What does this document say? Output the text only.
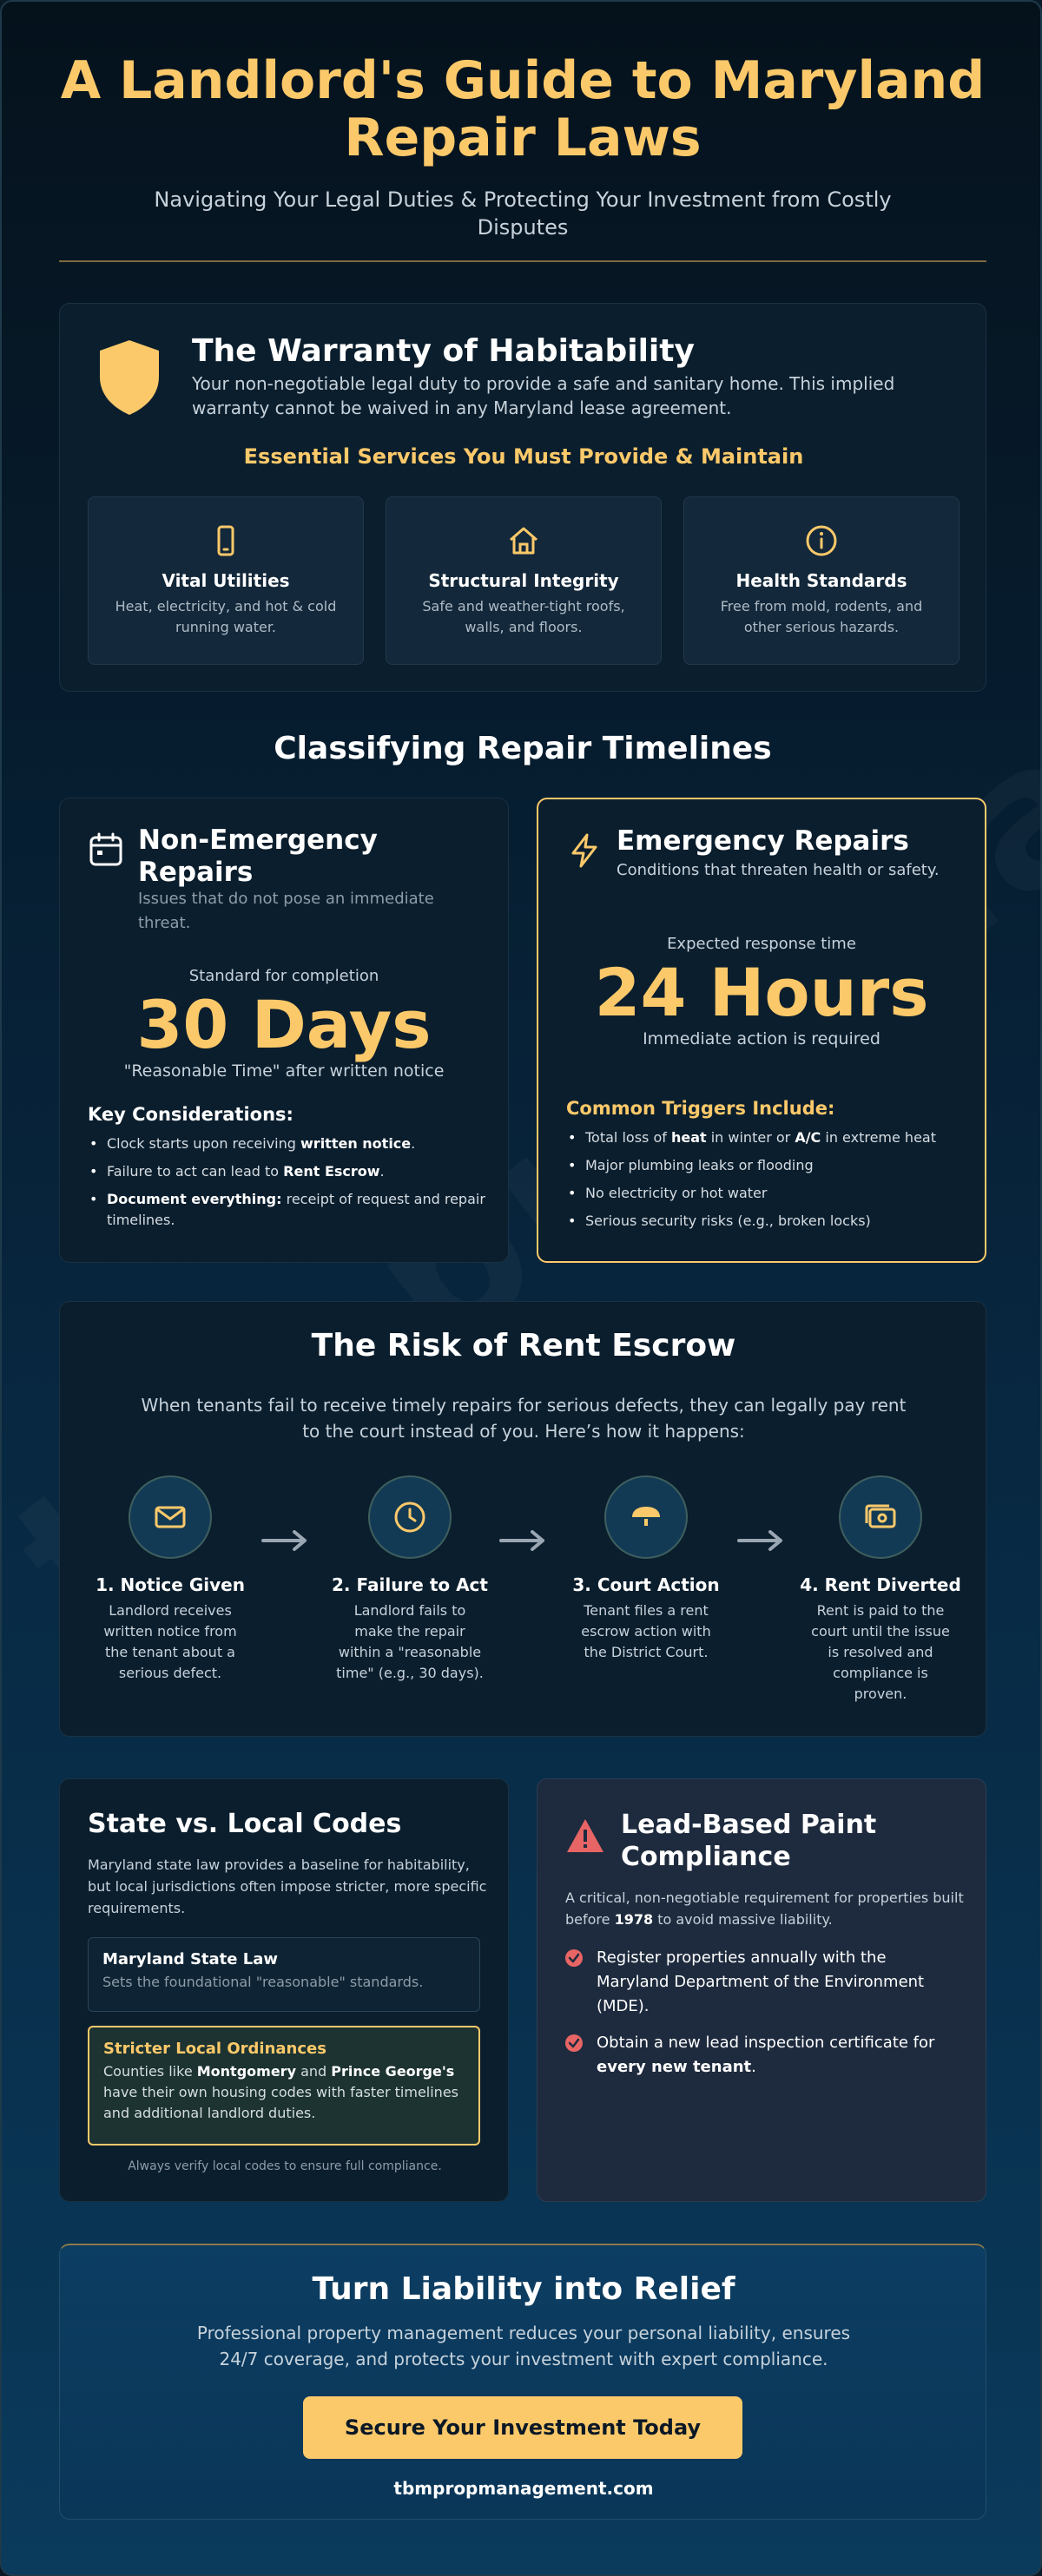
A Landlord's Guide to Maryland Repair Laws

Navigating Your Legal Duties & Protecting Your Investment from Costly Disputes

The Warranty of Habitability
Your non-negotiable legal duty to provide a safe and sanitary home. This implied warranty cannot be waived in any Maryland lease agreement.
Essential Services You Must Provide & Maintain
Vital Utilities
Heat, electricity, and hot & cold running water.
Structural Integrity
Safe and weather-tight roofs, walls, and floors.
Health Standards
Free from mold, rodents, and other serious hazards.
Classifying Repair Timelines
Non-Emergency Repairs
Issues that do not pose an immediate threat.
Standard for completion
30 Days
"Reasonable Time" after written notice
Key Considerations:
• Clock starts upon receiving written notice.
• Failure to act can lead to Rent Escrow.
• Document everything: receipt of request and repair timelines.
Emergency Repairs
Conditions that threaten health or safety.
Expected response time
24 Hours
Immediate action is required
Common Triggers Include:
• Total loss of heat in winter or A/C in extreme heat
• Major plumbing leaks or flooding
• No electricity or hot water
• Serious security risks (e.g., broken locks)
The Risk of Rent Escrow
When tenants fail to receive timely repairs for serious defects, they can legally pay rent to the court instead of you. Here’s how it happens:
1. Notice Given
Landlord receives written notice from the tenant about a serious defect.
2. Failure to Act
Landlord fails to make the repair within a "reasonable time" (e.g., 30 days).
3. Court Action
Tenant files a rent escrow action with the District Court.
4. Rent Diverted
Rent is paid to the court until the issue is resolved and compliance is proven.
State vs. Local Codes
Maryland state law provides a baseline for habitability, but local jurisdictions often impose stricter, more specific requirements.
Maryland State Law
Sets the foundational "reasonable" standards.
Stricter Local Ordinances
Counties like Montgomery and Prince George's have their own housing codes with faster timelines and additional landlord duties.
Always verify local codes to ensure full compliance.
Lead-Based Paint Compliance
A critical, non-negotiable requirement for properties built before 1978 to avoid massive liability.
Register properties annually with the Maryland Department of the Environment (MDE).
Obtain a new lead inspection certificate for every new tenant.
Turn Liability into Relief
Professional property management reduces your personal liability, ensures 24/7 coverage, and protects your investment with expert compliance.
Secure Your Investment Today
tbmpropmanagement.com
